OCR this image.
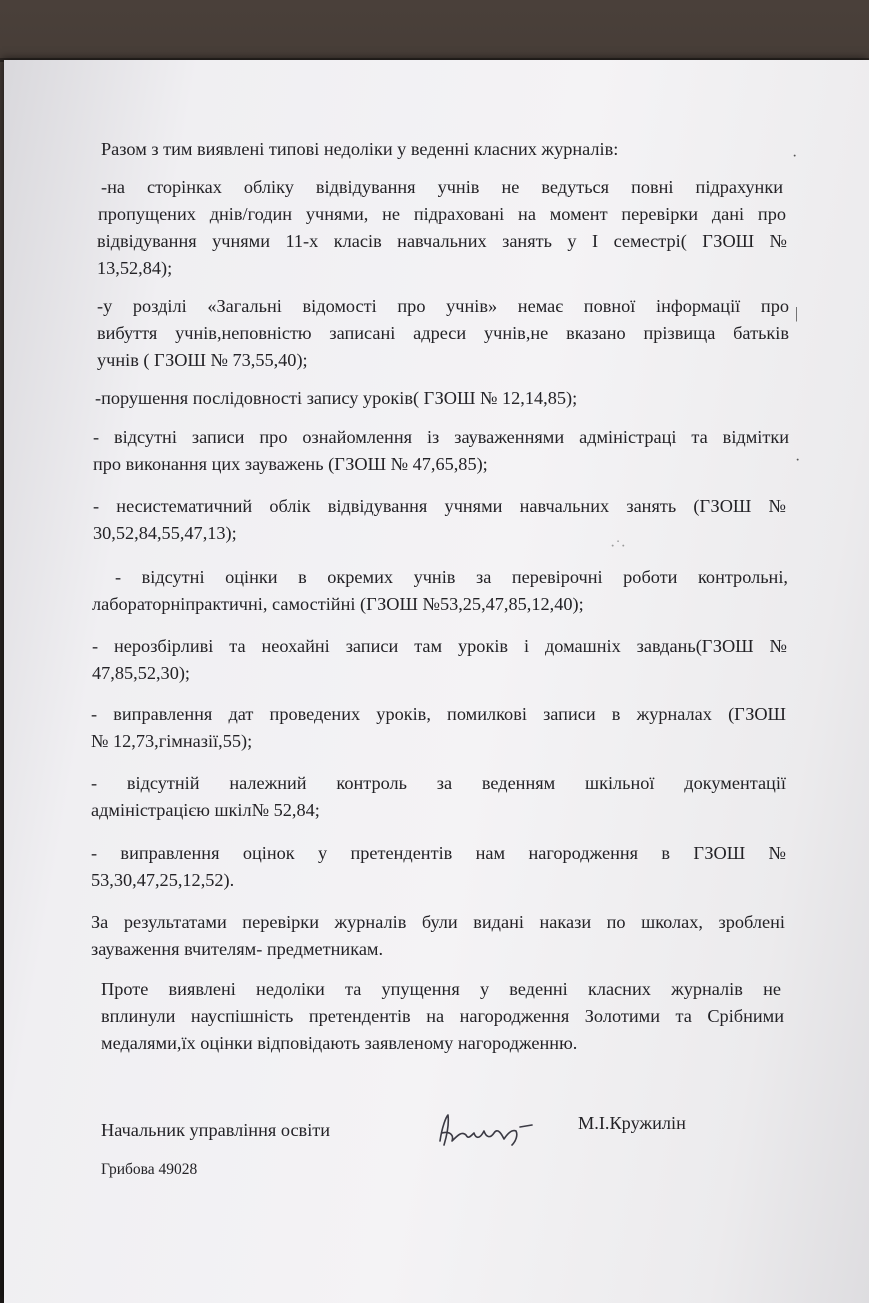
Разом з тим виявлені типові недоліки у веденні класних журналів:
-на сторінках обліку відвідування учнів не ведуться повні підрахунки
пропущених днів/годин учнями, не підраховані на момент перевірки дані про
відвідування учнями 11-х класів навчальних занять у I семестрі( ГЗОШ №
13,52,84);
-у розділі «Загальні відомості про учнів» немає повної інформації про
вибуття учнів,неповністю записані адреси учнів,не вказано прізвища батьків
учнів ( ГЗОШ № 73,55,40);
-порушення послідовності запису уроків( ГЗОШ № 12,14,85);
- відсутні записи про ознайомлення із зауваженнями адміністраці та відмітки
про виконання цих зауважень (ГЗОШ № 47,65,85);
- несистематичний облік відвідування учнями навчальних занять (ГЗОШ №
30,52,84,55,47,13);
- відсутні оцінки в окремих учнів за перевірочні роботи контрольні,
лабораторніпрактичні, самостійні (ГЗОШ №53,25,47,85,12,40);
- нерозбірливі та неохайні записи там уроків і домашніх завдань(ГЗОШ №
47,85,52,30);
- виправлення дат проведених уроків, помилкові записи в журналах (ГЗОШ
№ 12,73,гімназії,55);
- відсутній належний контроль за веденням шкільної документації
адміністрацією шкіл№ 52,84;
- виправлення оцінок у претендентів нам нагородження в ГЗОШ №
53,30,47,25,12,52).
За результатами перевірки журналів були видані накази по школах, зроблені
зауваження вчителям- предметникам.
Проте виявлені недоліки та упущення у веденні класних журналів не
вплинули науспішність претендентів на нагородження Золотими та Срібними
медалями,їх оцінки відповідають заявленому нагородженню.
Начальник управління освіти	М.І.Кружилін
Грибова 49028
·
|
·
·˙·
